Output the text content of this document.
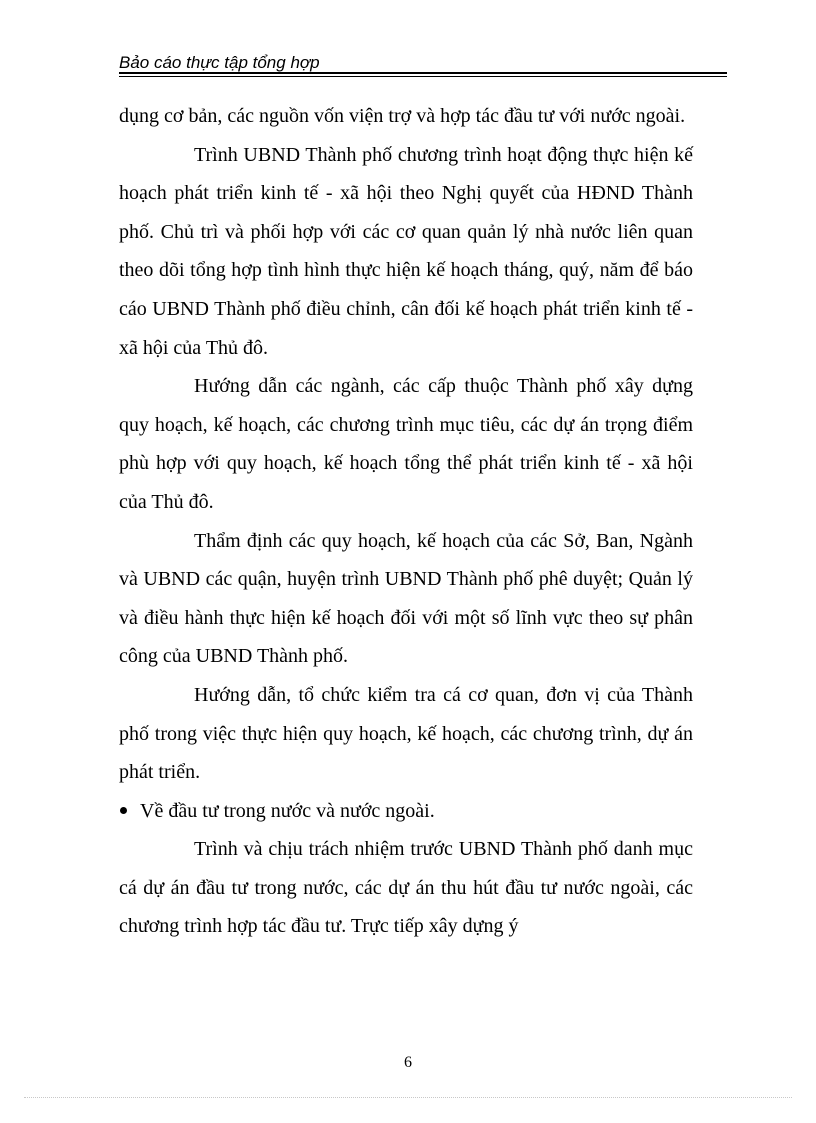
Bảo cáo thực tập tổng hợp

dụng cơ bản, các nguồn vốn viện trợ và hợp tác đầu tư với nước ngoài.

Trình UBND Thành phố chương trình hoạt động thực hiện kế hoạch phát triển kinh tế - xã hội theo Nghị quyết của HĐND Thành phố. Chủ trì và phối hợp với các cơ quan quản lý nhà nước liên quan theo dõi tổng hợp tình hình thực hiện kế hoạch tháng, quý, năm để báo cáo UBND Thành phố điều chỉnh, cân đối kế hoạch phát triển kinh tế - xã hội của Thủ đô.

Hướng dẫn các ngành, các cấp thuộc Thành phố xây dựng quy hoạch, kế hoạch, các chương trình mục tiêu, các dự án trọng điểm phù hợp với quy hoạch, kế hoạch tổng thể phát triển kinh tế - xã hội của Thủ đô.

Thẩm định các quy hoạch, kế hoạch của các Sở, Ban, Ngành và UBND các quận, huyện trình UBND Thành phố phê duyệt; Quản lý và điều hành thực hiện kế hoạch đối với một số lĩnh vực theo sự phân công của UBND Thành phố.

Hướng dẫn, tổ chức kiểm tra cá cơ quan, đơn vị của Thành phố trong việc thực hiện quy hoạch, kế hoạch, các chương trình, dự án phát triển.

Về đầu tư trong nước và nước ngoài.

Trình và chịu trách nhiệm trước UBND Thành phố danh mục cá dự án đầu tư trong nước, các dự án thu hút đầu tư nước ngoài, các chương trình hợp tác đầu tư. Trực tiếp xây dựng ý

6
